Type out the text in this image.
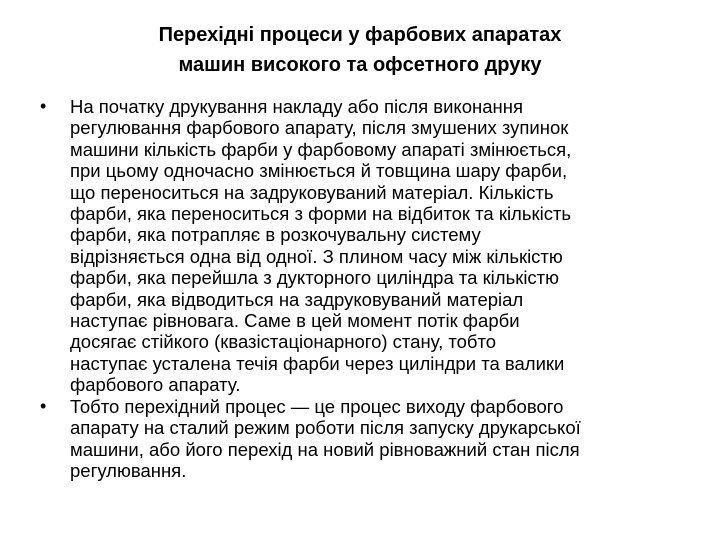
Перехідні процеси у фарбових апаратах
машин високого та офсетного друку
• На початку друкування накладу або після виконання
регулювання фарбового апарату, після змушених зупинок
машини кількість фарби у фарбовому апараті змінюється,
при цьому одночасно змінюється й товщина шару фарби,
що переноситься на задруковуваний матеріал. Кількість
фарби, яка переноситься з форми на відбиток та кількість
фарби, яка потрапляє в розкочувальну систему
відрізняється одна від одної. З плином часу між кількістю
фарби, яка перейшла з дукторного циліндра та кількістю
фарби, яка відводиться на задруковуваний матеріал
наступає рівновага. Саме в цей момент потік фарби
досягає стійкого (квазістаціонарного) стану, тобто
наступає усталена течія фарби через циліндри та валики
фарбового апарату.
• Тобто перехідний процес — це процес виходу фарбового
апарату на сталий режим роботи після запуску друкарської
машини, або його перехід на новий рівноважний стан після
регулювання.
